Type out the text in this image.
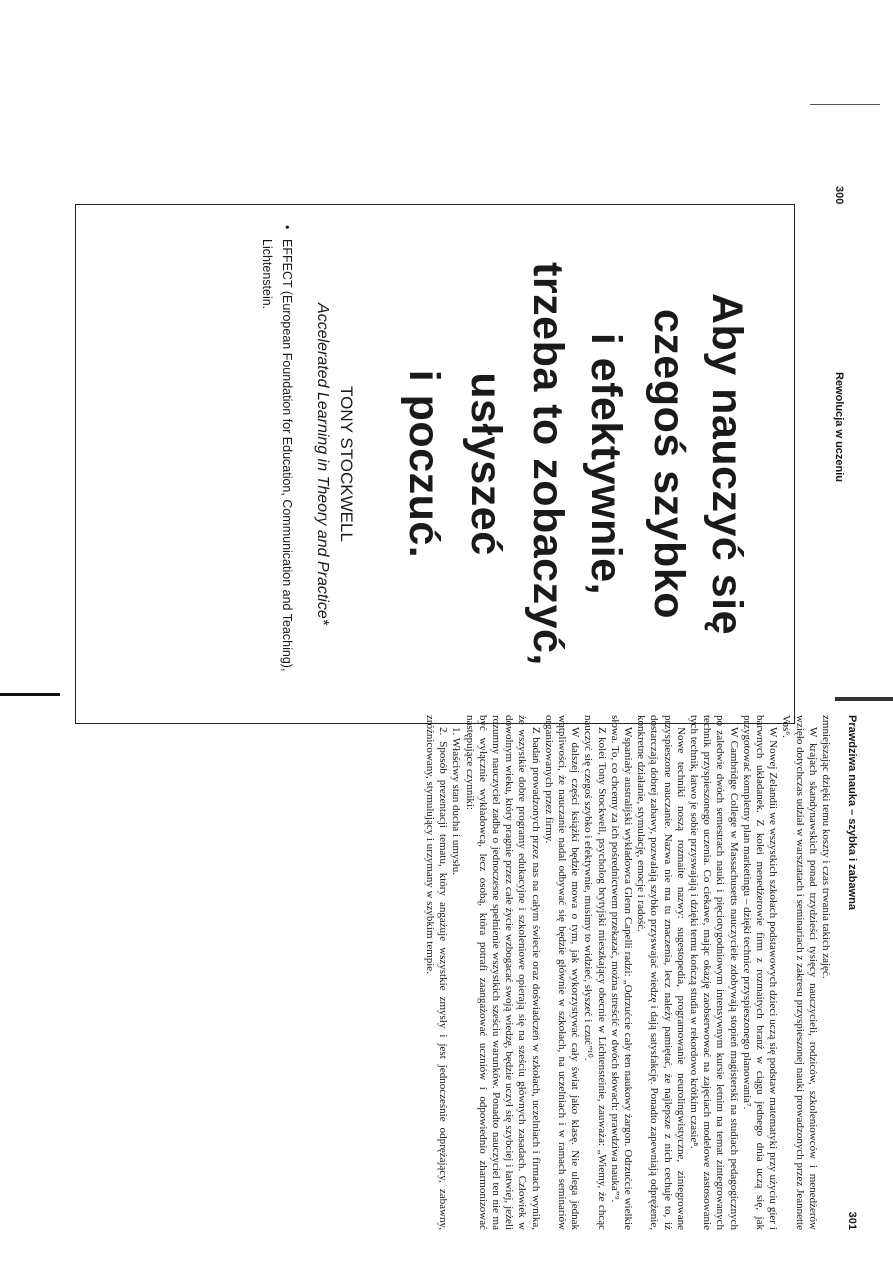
300
Rewolucja w uczeniu
Aby nauczyć się
czegoś szybko
i efektywnie,
trzeba to zobaczyć,
usłyszeć
i poczuć.
TONY STOCKWELL
Accelerated Learning in Theory and Practice*
•
EFFECT (European Foundation for Education, Communication and Teaching), Lichtenstein.
Prawdziwa nauka – szybka i zabawna
301

zmniejszając dzięki temu koszty i czas trwania takich zajęć.

W krajach skandynawskich ponad trzydzieści tysięcy nauczycieli, rodziców, szkoleniowców i menedżerów wzięło dotychczas udział w warsztatach i seminariach z zakresu przyspieszonej nauki prowadzonych przez Jeannette Vos⁶.

W Nowej Zelandii we wszystkich szkołach podstawowych dzieci uczą się podstaw matematyki przy użyciu gier i barwnych układanek. Z kolei menedżerowie firm z rozmaitych branż w ciągu jednego dnia uczą się, jak przygotować kompletny plan marketingu – dzięki technice przyspieszonego planowania⁷.

W Cambridge College w Massachusetts nauczyciele zdobywają stopień magisterski na studiach pedagogicznych po zaledwie dwóch semestrach nauki i pięciotygodniowym intensywnym kursie letnim na temat zintegrowanych technik przyspieszonego uczenia. Co ciekawe, mając okazję zaobserwować na zajęciach modelowe zastosowanie tych technik, łatwo je sobie przyswajają i dzięki temu kończą studia w rekordowo krótkim czasie⁸.

Nowe techniki noszą rozmaite nazwy: sugestopedia, programowanie neurolingwistyczne, zintegrowane przyspieszone nauczanie. Nazwa nie ma tu znaczenia, lecz należy pamiętać, że najlepsze z nich cechuje to, iż dostarczają dobrej zabawy, pozwalają szybko przyswajać wiedzę i dają satysfakcję. Ponadto zapewniają odprężenie, konkretne działanie, stymulację, emocje i radość.

Wspaniały australijski wykładowca Glenn Capelli radzi: „Odrzućcie cały ten naukowy żargon. Odrzućcie wielkie słowa. To, co chcemy za ich pośrednictwem przekazać, można streścić w dwóch słowach: prawdziwa nauka”⁹.

Z kolei Tony Stockwell, psycholog brytyjski mieszkający obecnie w Lichtensteinie, zauważa: „Wiemy, że chcąc nauczyć się czegoś szybko i efektywnie, musimy to widzieć, słyszeć i czuć”¹⁰.

W dalszej części książki będzie mowa o tym, jak wykorzystywać cały świat jako klasę. Nie ulega jednak wątpliwości, że nauczanie nadal odbywać się będzie głównie w szkołach, na uczelniach i w ramach seminariów organizowanych przez firmy.

Z badań prowadzonych przez nas na całym świecie oraz doświadczeń w szkołach, uczelniach i firmach wynika, że wszystkie dobre programy edukacyjne i szkoleniowe opierają się na sześciu głównych zasadach. Człowiek w dowolnym wieku, który pragnie przez całe życie wzbogacać swoją wiedzę, będzie uczył się szybciej i łatwiej, jeżeli rozumny nauczyciel zadba o jednoczesne spełnienie wszystkich sześciu warunków. Ponadto nauczyciel ten nie ma być wyłącznie wykładowcą, lecz osobą, która potrafi zaangażować uczniów i odpowiednio zharmonizować następujące czynniki:

1. Właściwy stan ducha i umysłu.

2. Sposób prezentacji tematu, który angażuje wszystkie zmysły i jest jednocześnie odprężający, zabawny, zróżnicowany, stymulujący i urzymany w szybkim tempie.
